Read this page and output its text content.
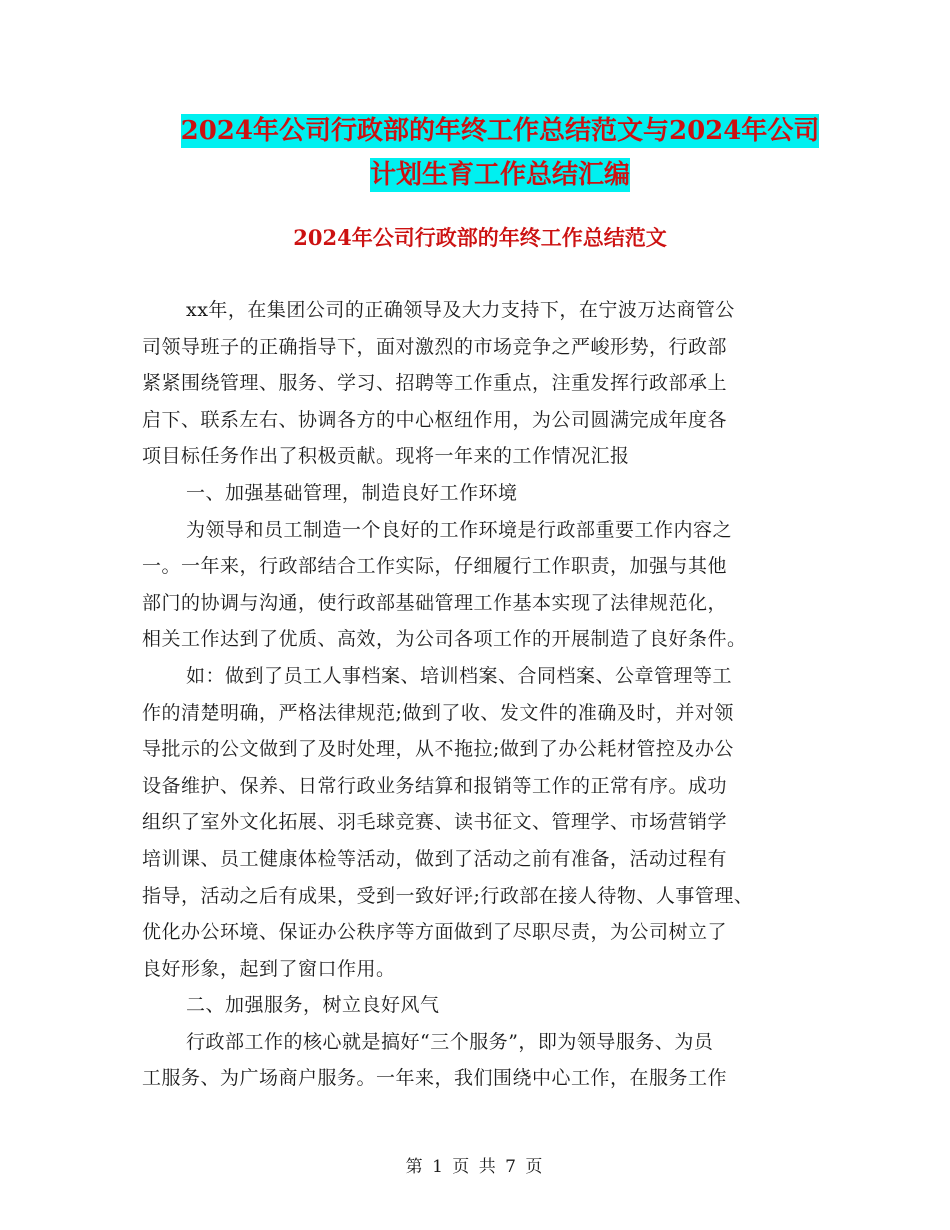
2024年公司行政部的年终工作总结范文与2024年公司
计划生育工作总结汇编
2024年公司行政部的年终工作总结范文
xx年，在集团公司的正确领导及大力支持下，在宁波万达商管公
司领导班子的正确指导下，面对激烈的市场竞争之严峻形势，行政部
紧紧围绕管理、服务、学习、招聘等工作重点，注重发挥行政部承上
启下、联系左右、协调各方的中心枢纽作用，为公司圆满完成年度各
项目标任务作出了积极贡献。现将一年来的工作情况汇报
一、加强基础管理，制造良好工作环境
为领导和员工制造一个良好的工作环境是行政部重要工作内容之
一。一年来，行政部结合工作实际，仔细履行工作职责，加强与其他
部门的协调与沟通，使行政部基础管理工作基本实现了法律规范化，
相关工作达到了优质、高效，为公司各项工作的开展制造了良好条件。
如：做到了员工人事档案、培训档案、合同档案、公章管理等工
作的清楚明确，严格法律规范;做到了收、发文件的准确及时，并对领
导批示的公文做到了及时处理，从不拖拉;做到了办公耗材管控及办公
设备维护、保养、日常行政业务结算和报销等工作的正常有序。成功
组织了室外文化拓展、羽毛球竞赛、读书征文、管理学、市场营销学
培训课、员工健康体检等活动，做到了活动之前有准备，活动过程有
指导，活动之后有成果，受到一致好评;行政部在接人待物、人事管理、
优化办公环境、保证办公秩序等方面做到了尽职尽责，为公司树立了
良好形象，起到了窗口作用。
二、加强服务，树立良好风气
行政部工作的核心就是搞好“三个服务”，即为领导服务、为员
工服务、为广场商户服务。一年来，我们围绕中心工作，在服务工作
第 1 页 共 7 页
